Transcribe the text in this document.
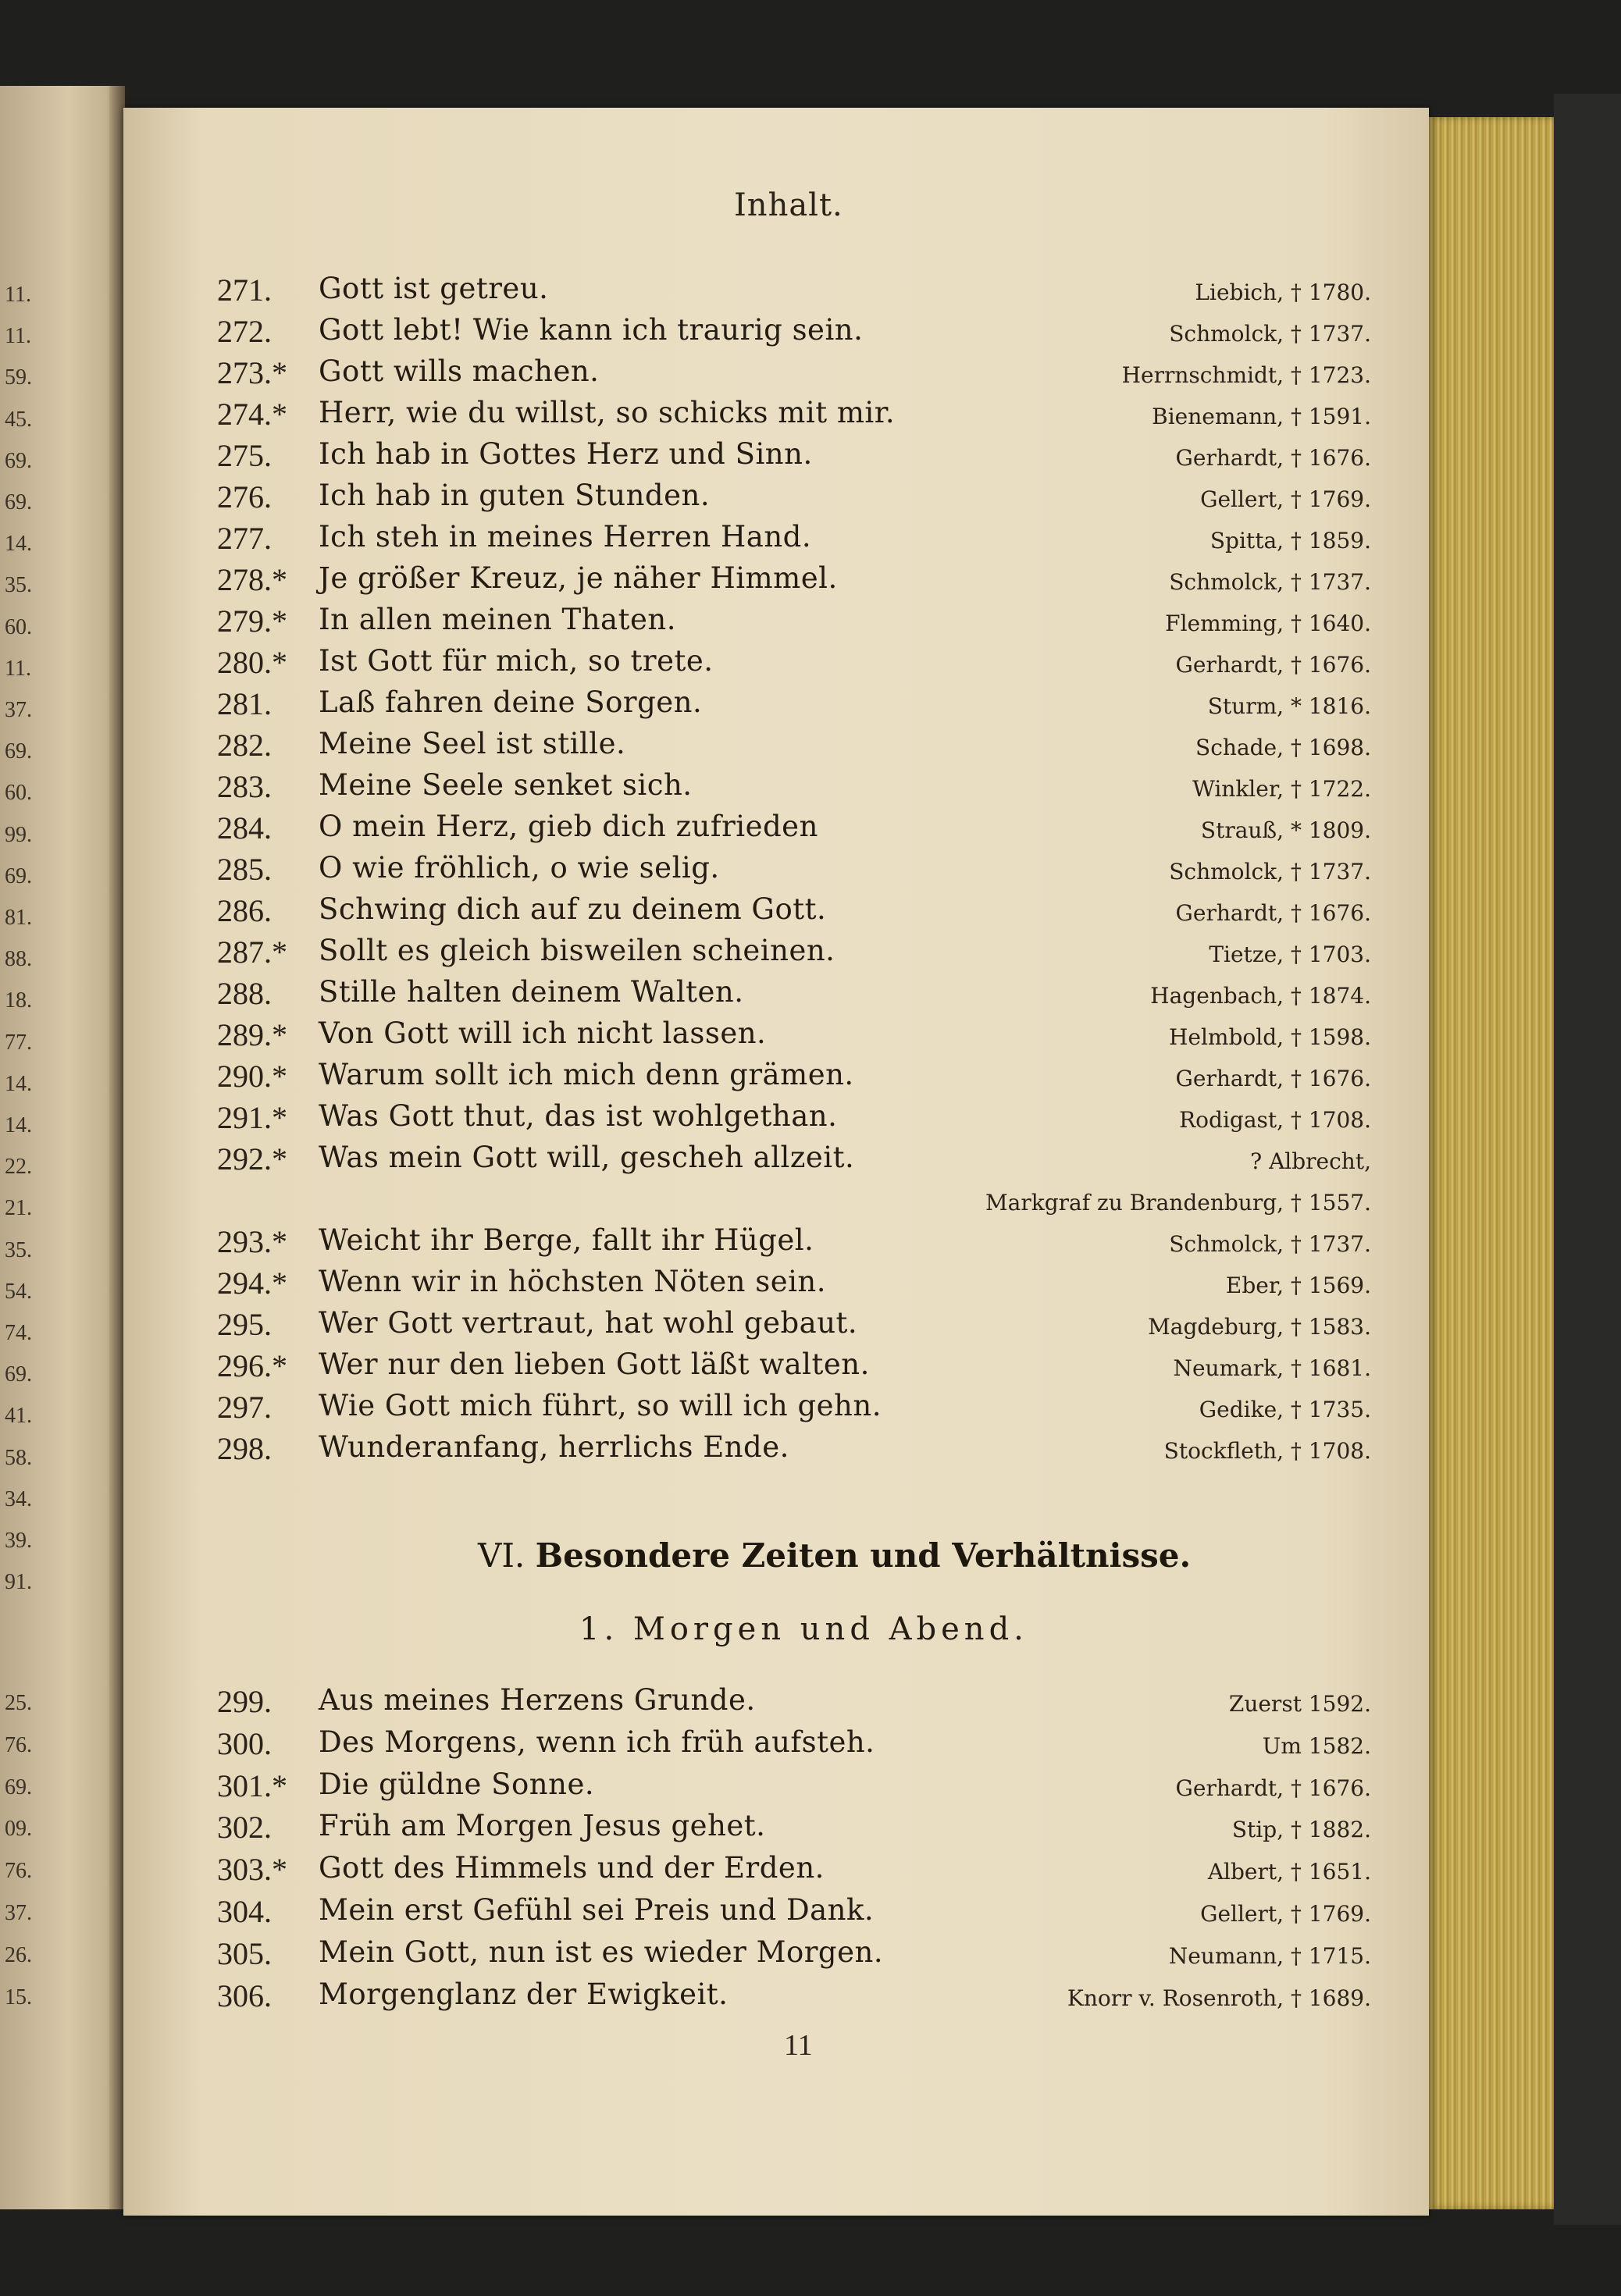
11.
11.
59.
45.
69.
69.
14.
35.
60.
11.
37.
69.
60.
99.
69.
81.
88.
18.
77.
14.
14.
22.
21.
35.
54.
74.
69.
41.
58.
34.
39.
91.
25.
76.
69.
09.
76.
37.
26.
15.
Inhalt.
271. Gott ist getreu.	Liebich, † 1780.
272. Gott lebt! Wie kann ich traurig sein.	Schmolck, † 1737.
273.* Gott wills machen.	Herrnschmidt, † 1723.
274.* Herr, wie du willst, so schicks mit mir.	Bienemann, † 1591.
275. Ich hab in Gottes Herz und Sinn.	Gerhardt, † 1676.
276. Ich hab in guten Stunden.	Gellert, † 1769.
277. Ich steh in meines Herren Hand.	Spitta, † 1859.
278.* Je größer Kreuz, je näher Himmel.	Schmolck, † 1737.
279.* In allen meinen Thaten.	Flemming, † 1640.
280.* Ist Gott für mich, so trete.	Gerhardt, † 1676.
281. Laß fahren deine Sorgen.	Sturm, * 1816.
282. Meine Seel ist stille.	Schade, † 1698.
283. Meine Seele senket sich.	Winkler, † 1722.
284. O mein Herz, gieb dich zufrieden	Strauß, * 1809.
285. O wie fröhlich, o wie selig.	Schmolck, † 1737.
286. Schwing dich auf zu deinem Gott.	Gerhardt, † 1676.
287.* Sollt es gleich bisweilen scheinen.	Tietze, † 1703.
288. Stille halten deinem Walten.	Hagenbach, † 1874.
289.* Von Gott will ich nicht lassen.	Helmbold, † 1598.
290.* Warum sollt ich mich denn grämen.	Gerhardt, † 1676.
291.* Was Gott thut, das ist wohlgethan.	Rodigast, † 1708.
292.* Was mein Gott will, gescheh allzeit.	? Albrecht,
Markgraf zu Brandenburg, † 1557.
293.* Weicht ihr Berge, fallt ihr Hügel.	Schmolck, † 1737.
294.* Wenn wir in höchsten Nöten sein.	Eber, † 1569.
295. Wer Gott vertraut, hat wohl gebaut.	Magdeburg, † 1583.
296.* Wer nur den lieben Gott läßt walten.	Neumark, † 1681.
297. Wie Gott mich führt, so will ich gehn.	Gedike, † 1735.
298. Wunderanfang, herrlichs Ende.	Stockfleth, † 1708.
VI. Besondere Zeiten und Verhältnisse.
1. Morgen und Abend.
299. Aus meines Herzens Grunde.	Zuerst 1592.
300. Des Morgens, wenn ich früh aufsteh.	Um 1582.
301.* Die güldne Sonne.	Gerhardt, † 1676.
302. Früh am Morgen Jesus gehet.	Stip, † 1882.
303.* Gott des Himmels und der Erden.	Albert, † 1651.
304. Mein erst Gefühl sei Preis und Dank.	Gellert, † 1769.
305. Mein Gott, nun ist es wieder Morgen.	Neumann, † 1715.
306. Morgenglanz der Ewigkeit.	Knorr v. Rosenroth, † 1689.
11
